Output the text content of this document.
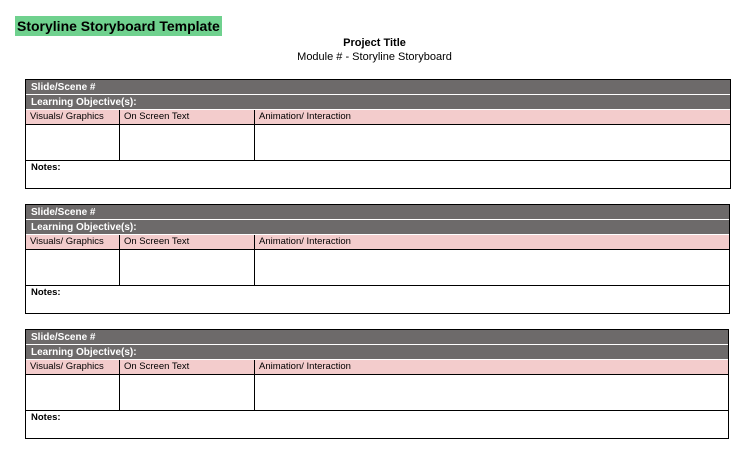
Storyline Storyboard Template
Project Title
Module # - Storyline Storyboard
Slide/Scene #
Learning Objective(s):
Visuals/ Graphics	On Screen Text	Animation/ Interaction
Notes:
Slide/Scene #
Learning Objective(s):
Visuals/ Graphics	On Screen Text	Animation/ Interaction
Notes:
Slide/Scene #
Learning Objective(s):
Visuals/ Graphics	On Screen Text	Animation/ Interaction
Notes:
